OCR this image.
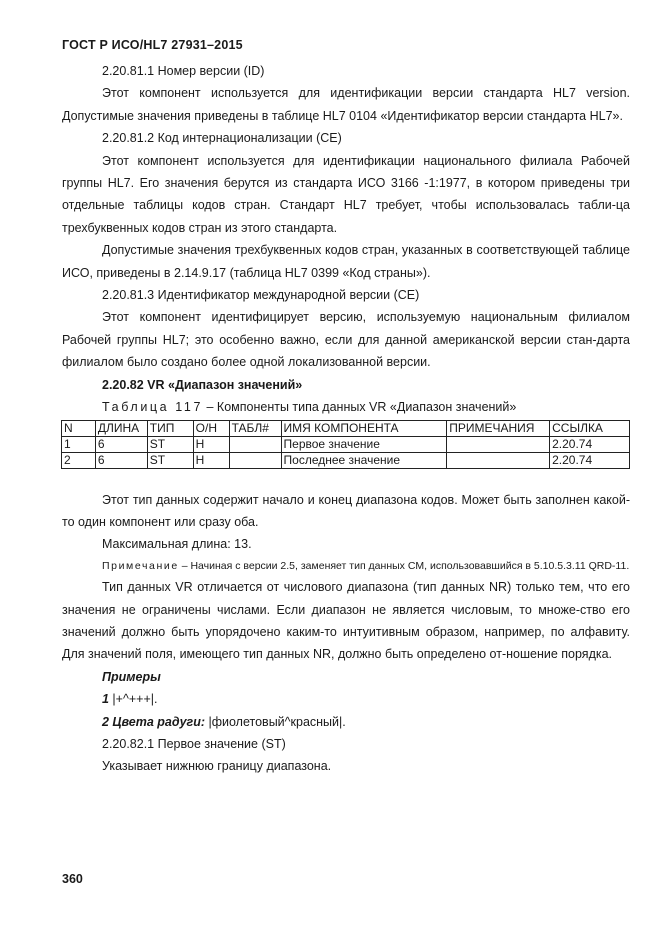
ГОСТ Р ИСО/HL7 27931–2015

2.20.81.1 Номер версии (ID)

Этот компонент используется для идентификации версии стандарта HL7 version. Допустимые значения приведены в таблице HL7 0104 «Идентификатор версии стандарта HL7».

2.20.81.2 Код интернационализации (CE)

Этот компонент используется для идентификации национального филиала Рабочей группы HL7. Его значения берутся из стандарта ИСО 3166 -1:1977, в котором приведены три отдельные таблицы кодов стран. Стандарт HL7 требует, чтобы использовалась табли-ца трехбуквенных кодов стран из этого стандарта.

Допустимые значения трехбуквенных кодов стран, указанных в соответствующей таблице ИСО, приведены в 2.14.9.17 (таблица HL7 0399 «Код страны»).

2.20.81.3 Идентификатор международной версии (CE)

Этот компонент идентифицирует версию, используемую национальным филиалом Рабочей группы HL7; это особенно важно, если для данной американской версии стан-дарта филиалом было создано более одной локализованной версии.

2.20.82 VR «Диапазон значений»

Таблица 117 – Компоненты типа данных VR «Диапазон значений»

N	ДЛИНА	ТИП	О/Н	ТАБЛ#	ИМЯ КОМПОНЕНТА	ПРИМЕЧАНИЯ	ССЫЛКА
1	6	ST	Н		Первое значение		2.20.74
2	6	ST	Н		Последнее значение		2.20.74

Этот тип данных содержит начало и конец диапазона кодов. Может быть заполнен какой-то один компонент или сразу оба.

Максимальная длина: 13.

Примечание – Начиная с версии 2.5, заменяет тип данных CM, использовавшийся в 5.10.5.3.11 QRD-11.

Тип данных VR отличается от числового диапазона (тип данных NR) только тем, что его значения не ограничены числами. Если диапазон не является числовым, то множе-ство его значений должно быть упорядочено каким-то интуитивным образом, например, по алфавиту. Для значений поля, имеющего тип данных NR, должно быть определено от-ношение порядка.

Примеры

1 |+^+++|.

2 Цвета радуги: |фиолетовый^красный|.

2.20.82.1 Первое значение (ST)

Указывает нижнюю границу диапазона.

360
